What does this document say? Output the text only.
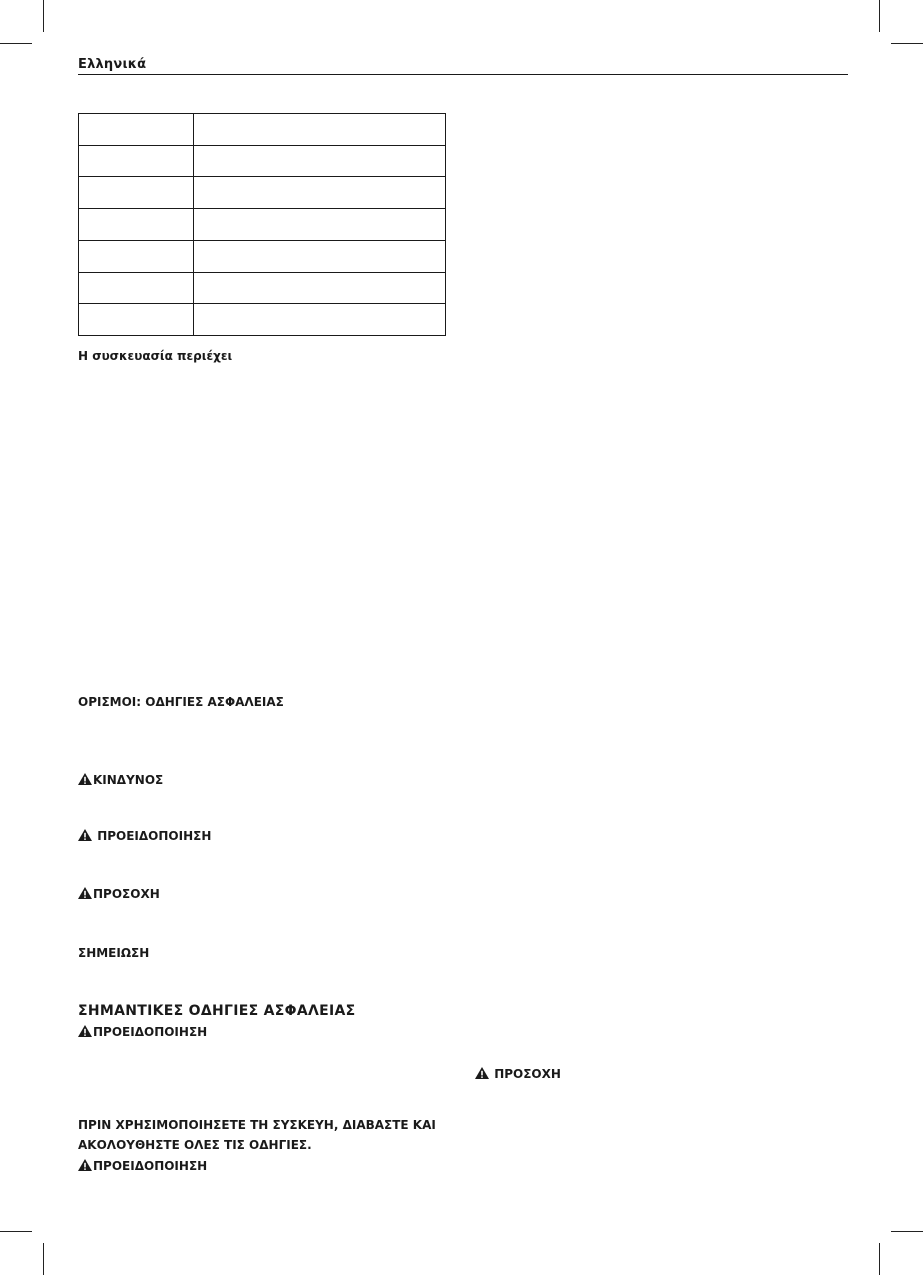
Ελληνικά

Η συσκευασία περιέχει
ΟΡΙΣΜΟΙ: ΟΔΗΓΙΕΣ ΑΣΦΑΛΕΙΑΣ
ΚΙΝΔΥΝΟΣ
ΠΡΟΕΙΔΟΠΟΙΗΣΗ
ΠΡΟΣΟΧΗ
ΣΗΜΕΙΩΣΗ
ΣΗΜΑΝΤΙΚΕΣ ΟΔΗΓΙΕΣ ΑΣΦΑΛΕΙΑΣ
ΠΡΟΕΙΔΟΠΟΙΗΣΗ
ΠΡΙΝ ΧΡΗΣΙΜΟΠΟΙΗΣΕΤΕ ΤΗ ΣΥΣΚΕΥΗ, ΔΙΑΒΑΣΤΕ ΚΑΙ
ΑΚΟΛΟΥΘΗΣΤΕ ΟΛΕΣ ΤΙΣ ΟΔΗΓΙΕΣ.
ΠΡΟΕΙΔΟΠΟΙΗΣΗ
ΠΡΟΣΟΧΗ
